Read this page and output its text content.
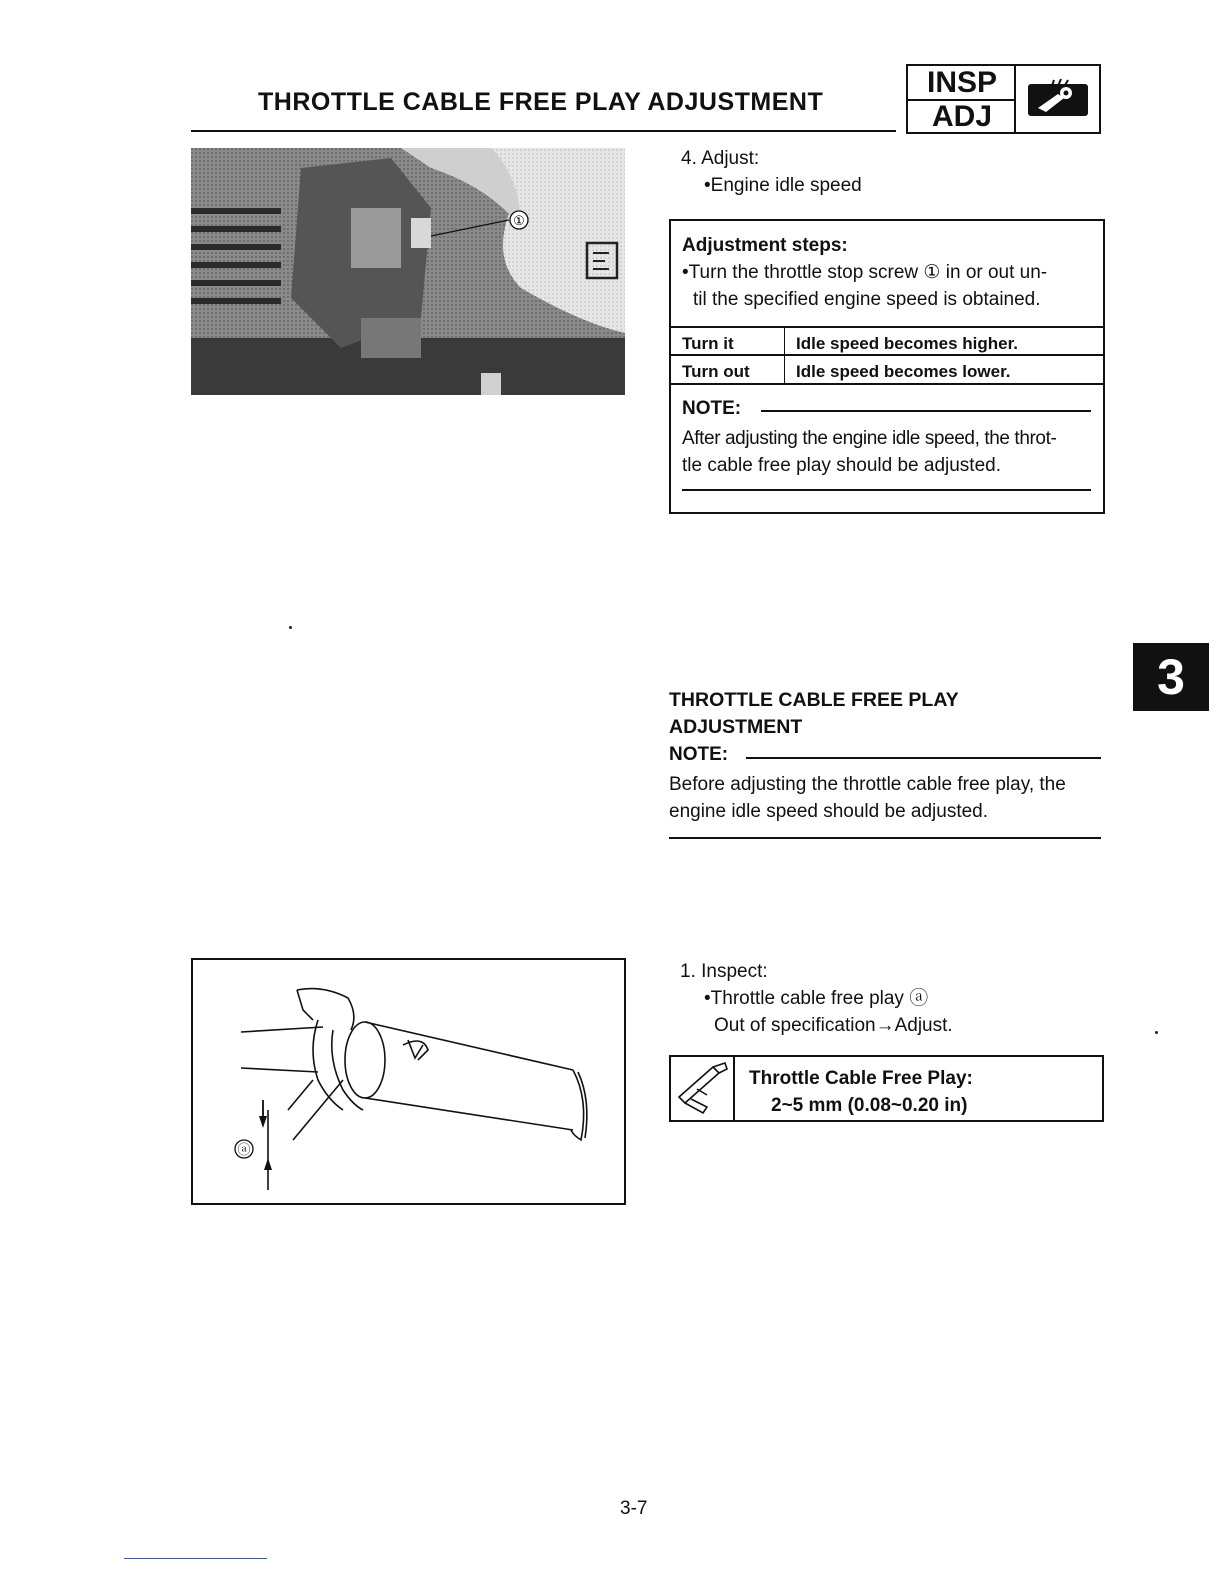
THROTTLE CABLE FREE PLAY ADJUSTMENT
INSP
ADJ
①
4. Adjust:
•Engine idle speed
Adjustment steps:
•Turn the throttle stop screw ① in or out un-
til the specified engine speed is obtained.
Turn it	Idle speed becomes higher.
Turn out	Idle speed becomes lower.
NOTE:
After adjusting the engine idle speed, the throt-
tle cable free play should be adjusted.
THROTTLE CABLE FREE PLAY
ADJUSTMENT
NOTE:
Before adjusting the throttle cable free play, the
engine idle speed should be adjusted.
3
ⓐ
1. Inspect:
•Throttle cable free play ⓐ
Out of specification→Adjust.
Throttle Cable Free Play:
2~5 mm (0.08~0.20 in)
3-7
